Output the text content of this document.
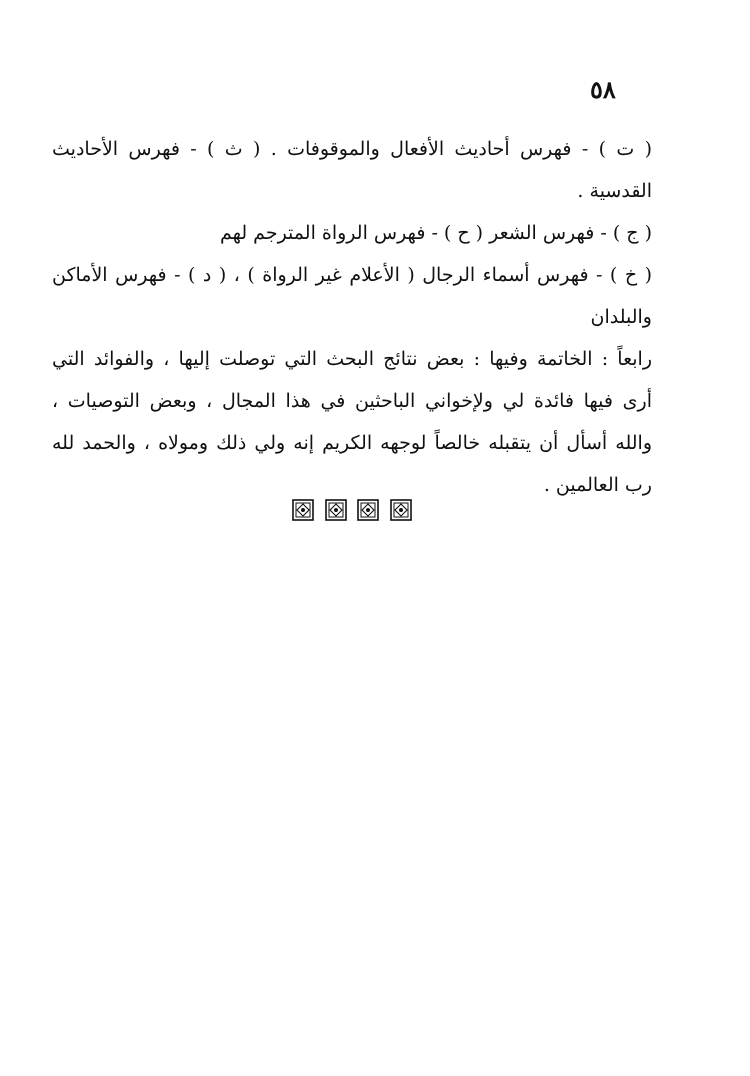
٥٨
( ت ) - فهرس أحاديث الأفعال والموقوفات . ( ث ) - فهرس الأحاديث
القدسية .
( ج ) - فهرس الشعر ( ح ) - فهرس الرواة المترجم لهم
( خ ) - فهرس أسماء الرجال ( الأعلام غير الرواة ) ، ( د ) - فهرس الأماكن
والبلدان
رابعاً : الخاتمة وفيها : بعض نتائج البحث التي توصلت إليها ، والفوائد التي
أرى فيها فائدة لي ولإخواني الباحثين في هذا المجال ، وبعض التوصيات ،
والله أسأل أن يتقبله خالصاً لوجهه الكريم إنه ولي ذلك ومولاه ، والحمد لله
رب العالمين .
